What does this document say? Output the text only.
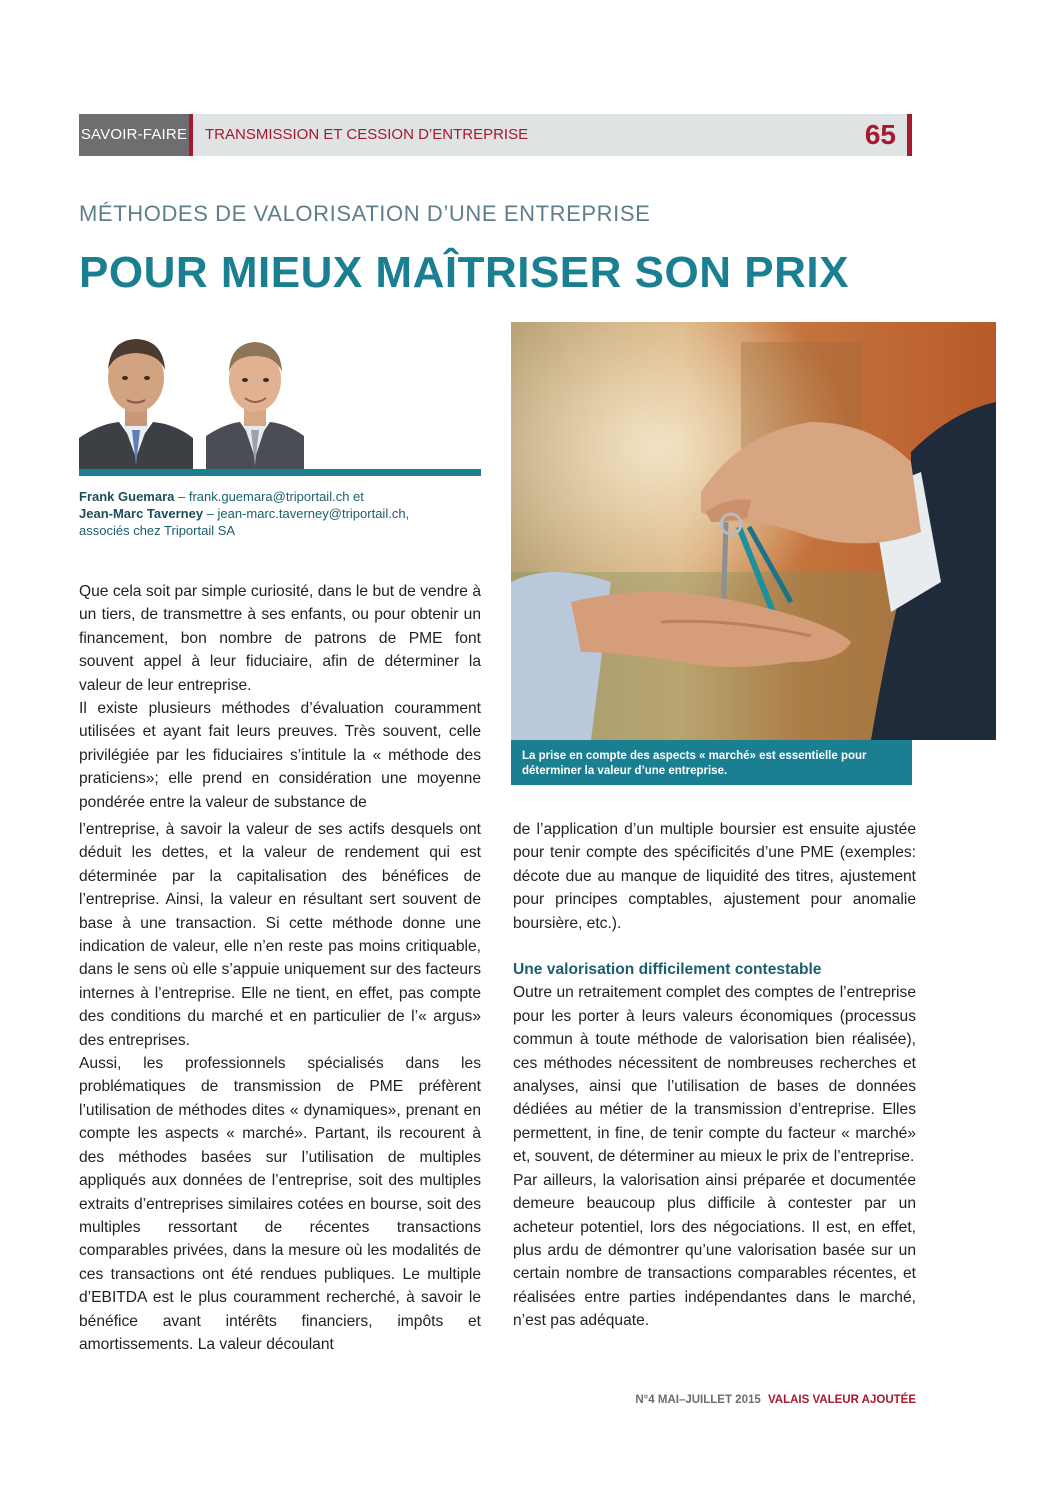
SAVOIR-FAIRE TRANSMISSION ET CESSION D’ENTREPRISE	65
MÉTHODES DE VALORISATION D’UNE ENTREPRISE
POUR MIEUX MAÎTRISER SON PRIX
Frank Guemara – frank.guemara@triportail.ch et
Jean-Marc Taverney – jean-marc.taverney@triportail.ch,
associés chez Triportail SA
La prise en compte des aspects « marché» est essentielle pour déterminer la valeur d’une entreprise.

Que cela soit par simple curiosité, dans le but de vendre à un tiers, de transmettre à ses enfants, ou pour obtenir un financement, bon nombre de patrons de PME font souvent appel à leur fiduciaire, afin de déterminer la valeur de leur entreprise.

Il existe plusieurs méthodes d’évaluation couramment utilisées et ayant fait leurs preuves. Très souvent, celle privilégiée par les fiduciaires s’intitule la « méthode des praticiens»; elle prend en considération une moyenne pondérée entre la valeur de substance de

l’entreprise, à savoir la valeur de ses actifs desquels ont déduit les dettes, et la valeur de rendement qui est déterminée par la capitalisation des bénéfices de l’entreprise. Ainsi, la valeur en résultant sert souvent de base à une transaction. Si cette méthode donne une indication de valeur, elle n’en reste pas moins critiquable, dans le sens où elle s’appuie uniquement sur des facteurs internes à l’entreprise. Elle ne tient, en effet, pas compte des conditions du marché et en particulier de l’« argus» des entreprises.

Aussi, les professionnels spécialisés dans les problématiques de transmission de PME préfèrent l’utilisation de méthodes dites « dynamiques», prenant en compte les aspects « marché». Partant, ils recourent à des méthodes basées sur l’utilisation de multiples appliqués aux données de l’entreprise, soit des multiples extraits d’entreprises similaires cotées en bourse, soit des multiples ressortant de récentes transactions comparables privées, dans la mesure où les modalités de ces transactions ont été rendues publiques. Le multiple d’EBITDA est le plus couramment recherché, à savoir le bénéfice avant intérêts financiers, impôts et amortissements. La valeur découlant

de l’application d’un multiple boursier est ensuite ajustée pour tenir compte des spécificités d’une PME (exemples: décote due au manque de liquidité des titres, ajustement pour principes comptables, ajustement pour anomalie boursière, etc.).

Une valorisation difficilement contestable

Outre un retraitement complet des comptes de l’entreprise pour les porter à leurs valeurs économiques (processus commun à toute méthode de valorisation bien réalisée), ces méthodes nécessitent de nombreuses recherches et analyses, ainsi que l’utilisation de bases de données dédiées au métier de la transmission d’entreprise. Elles permettent, in fine, de tenir compte du facteur « marché» et, souvent, de déterminer au mieux le prix de l’entreprise.

Par ailleurs, la valorisation ainsi préparée et documentée demeure beaucoup plus difficile à contester par un acheteur potentiel, lors des négociations. Il est, en effet, plus ardu de démontrer qu’une valorisation basée sur un certain nombre de transactions comparables récentes, et réalisées entre parties indépendantes dans le marché, n’est pas adéquate.

N°4 MAI–JUILLET 2015 VALAIS VALEUR AJOUTÉE
